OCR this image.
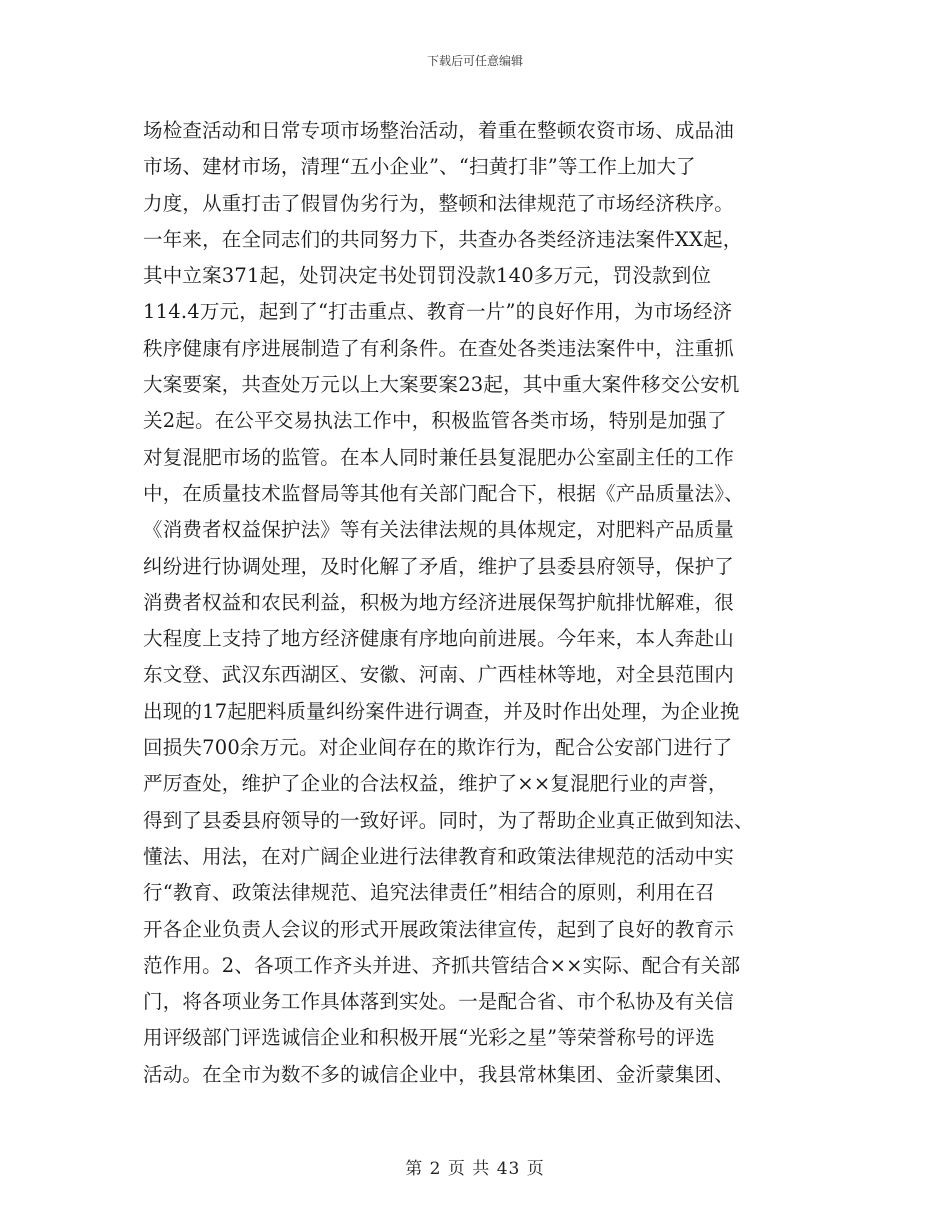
下载后可任意编辑
场检查活动和日常专项市场整治活动，着重在整顿农资市场、成品油
市场、建材市场，清理“五小企业”、“扫黄打非”等工作上加大了
力度，从重打击了假冒伪劣行为，整顿和法律规范了市场经济秩序。
一年来，在全同志们的共同努力下，共查办各类经济违法案件XX起，
其中立案371起，处罚决定书处罚罚没款140多万元，罚没款到位
114.4万元，起到了“打击重点、教育一片”的良好作用，为市场经济
秩序健康有序进展制造了有利条件。在查处各类违法案件中，注重抓
大案要案，共查处万元以上大案要案23起，其中重大案件移交公安机
关2起。在公平交易执法工作中，积极监管各类市场，特别是加强了
对复混肥市场的监管。在本人同时兼任县复混肥办公室副主任的工作
中，在质量技术监督局等其他有关部门配合下，根据《产品质量法》、
《消费者权益保护法》等有关法律法规的具体规定，对肥料产品质量
纠纷进行协调处理，及时化解了矛盾，维护了县委县府领导，保护了
消费者权益和农民利益，积极为地方经济进展保驾护航排忧解难，很
大程度上支持了地方经济健康有序地向前进展。今年来，本人奔赴山
东文登、武汉东西湖区、安徽、河南、广西桂林等地，对全县范围内
出现的17起肥料质量纠纷案件进行调查，并及时作出处理，为企业挽
回损失700余万元。对企业间存在的欺诈行为，配合公安部门进行了
严厉查处，维护了企业的合法权益，维护了××复混肥行业的声誉，
得到了县委县府领导的一致好评。同时，为了帮助企业真正做到知法、
懂法、用法，在对广阔企业进行法律教育和政策法律规范的活动中实
行“教育、政策法律规范、追究法律责任”相结合的原则，利用在召
开各企业负责人会议的形式开展政策法律宣传，起到了良好的教育示
范作用。2、各项工作齐头并进、齐抓共管结合××实际、配合有关部
门，将各项业务工作具体落到实处。一是配合省、市个私协及有关信
用评级部门评选诚信企业和积极开展“光彩之星”等荣誉称号的评选
活动。在全市为数不多的诚信企业中，我县常林集团、金沂蒙集团、
第 2 页 共 43 页
